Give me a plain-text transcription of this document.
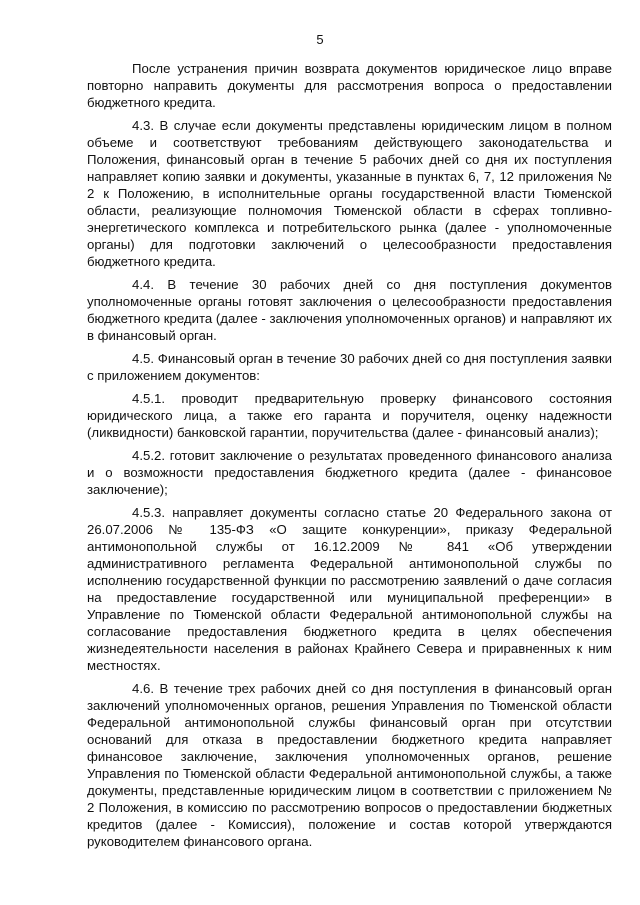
5

После устранения причин возврата документов юридическое лицо вправе повторно направить документы для рассмотрения вопроса о предоставлении бюджетного кредита.

4.3. В случае если документы представлены юридическим лицом в полном объеме и соответствуют требованиям действующего законодательства и Положения, финансовый орган в течение 5 рабочих дней со дня их поступления направляет копию заявки и документы, указанные в пунктах 6, 7, 12 приложения № 2 к Положению, в исполнительные органы государственной власти Тюменской области, реализующие полномочия Тюменской области в сферах топливно-энергетического комплекса и потребительского рынка (далее - уполномоченные органы) для подготовки заключений о целесообразности предоставления бюджетного кредита.

4.4. В течение 30 рабочих дней со дня поступления документов уполномоченные органы готовят заключения о целесообразности предоставления бюджетного кредита (далее - заключения уполномоченных органов) и направляют их в финансовый орган.

4.5. Финансовый орган в течение 30 рабочих дней со дня поступления заявки с приложением документов:

4.5.1. проводит предварительную проверку финансового состояния юридического лица, а также его гаранта и поручителя, оценку надежности (ликвидности) банковской гарантии, поручительства (далее - финансовый анализ);

4.5.2. готовит заключение о результатах проведенного финансового анализа и о возможности предоставления бюджетного кредита (далее - финансовое заключение);

4.5.3. направляет документы согласно статье 20 Федерального закона от 26.07.2006 № 135-ФЗ «О защите конкуренции», приказу Федеральной антимонопольной службы от 16.12.2009 № 841 «Об утверждении административного регламента Федеральной антимонопольной службы по исполнению государственной функции по рассмотрению заявлений о даче согласия на предоставление государственной или муниципальной преференции» в Управление по Тюменской области Федеральной антимонопольной службы на согласование предоставления бюджетного кредита в целях обеспечения жизнедеятельности населения в районах Крайнего Севера и приравненных к ним местностях.

4.6. В течение трех рабочих дней со дня поступления в финансовый орган заключений уполномоченных органов, решения Управления по Тюменской области Федеральной антимонопольной службы финансовый орган при отсутствии оснований для отказа в предоставлении бюджетного кредита направляет финансовое заключение, заключения уполномоченных органов, решение Управления по Тюменской области Федеральной антимонопольной службы, а также документы, представленные юридическим лицом в соответствии с приложением № 2 Положения, в комиссию по рассмотрению вопросов о предоставлении бюджетных кредитов (далее - Комиссия), положение и состав которой утверждаются руководителем финансового органа.
